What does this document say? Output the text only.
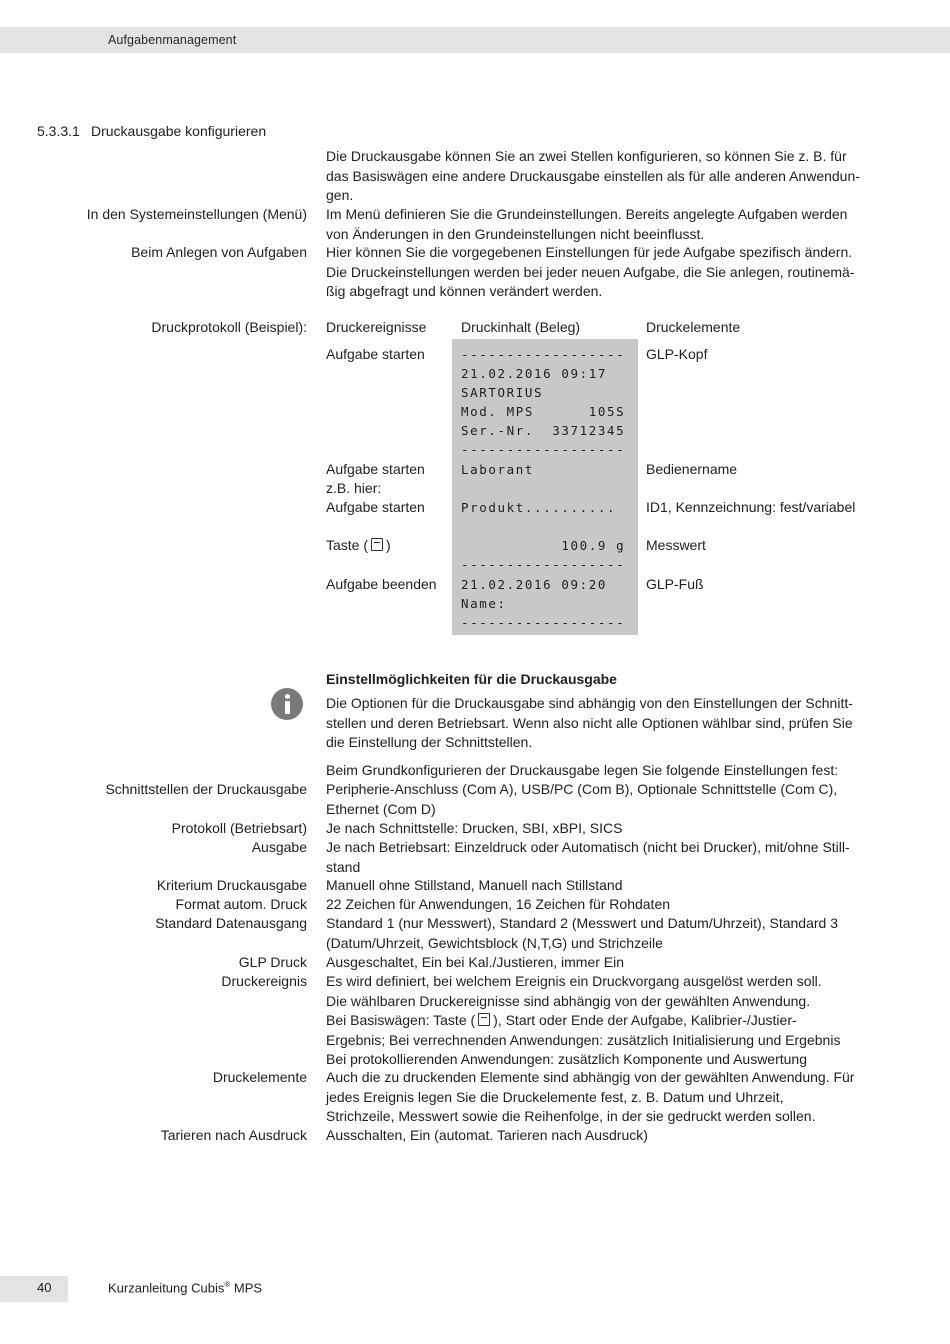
Aufgabenmanagement
5.3.3.1 Druckausgabe konfigurieren
Die Druckausgabe können Sie an zwei Stellen konfigurieren, so können Sie z. B. für
das Basiswägen eine andere Druckausgabe einstellen als für alle anderen Anwendun-
gen.
In den Systemeinstellungen (Menü) Im Menü definieren Sie die Grundeinstellungen. Bereits angelegte Aufgaben werden
von Änderungen in den Grundeinstellungen nicht beeinflusst.
Beim Anlegen von Aufgaben Hier können Sie die vorgegebenen Einstellungen für jede Aufgabe spezifisch ändern.
Die Druckeinstellungen werden bei jeder neuen Aufgabe, die Sie anlegen, routinemä-
ßig abgefragt und können verändert werden.
Druckprotokoll (Beispiel): Druckereignisse Druckinhalt (Beleg)	Druckelemente
Aufgabe starten
Aufgabe starten
z.B. hier:
Aufgabe starten
Taste ( )
Aufgabe beenden
------------------
21.02.2016 09:17
SARTORIUS
Mod. MPS      105S
Ser.-Nr.  33712345
------------------
Laborant
Produkt..........
100.9 g
------------------
21.02.2016 09:20
Name:
------------------
GLP-Kopf
Bedienername
ID1, Kennzeichnung: fest/variabel
Messwert
GLP-Fuß
Einstellmöglichkeiten für die Druckausgabe
Die Optionen für die Druckausgabe sind abhängig von den Einstellungen der Schnitt-
stellen und deren Betriebsart. Wenn also nicht alle Optionen wählbar sind, prüfen Sie
die Einstellung der Schnittstellen.
Beim Grundkonfigurieren der Druckausgabe legen Sie folgende Einstellungen fest:
Schnittstellen der Druckausgabe Peripherie-Anschluss (Com A), USB/PC (Com B), Optionale Schnittstelle (Com C),
Ethernet (Com D)
Protokoll (Betriebsart) Je nach Schnittstelle: Drucken, SBI, xBPI, SICS
Ausgabe Je nach Betriebsart: Einzeldruck oder Automatisch (nicht bei Drucker), mit/ohne Still-
stand
Kriterium Druckausgabe Manuell ohne Stillstand, Manuell nach Stillstand
Format autom. Druck 22 Zeichen für Anwendungen, 16 Zeichen für Rohdaten
Standard Datenausgang Standard 1 (nur Messwert), Standard 2 (Messwert und Datum/Uhrzeit), Standard 3
(Datum/Uhrzeit, Gewichtsblock (N,T,G) und Strichzeile
GLP Druck Ausgeschaltet, Ein bei Kal./Justieren, immer Ein
Druckereignis Es wird definiert, bei welchem Ereignis ein Druckvorgang ausgelöst werden soll.
Die wählbaren Druckereignisse sind abhängig von der gewählten Anwendung.
Bei Basiswägen: Taste ( ), Start oder Ende der Aufgabe, Kalibrier-/Justier-
Ergebnis; Bei verrechnenden Anwendungen: zusätzlich Initialisierung und Ergebnis
Bei protokollierenden Anwendungen: zusätzlich Komponente und Auswertung
Druckelemente Auch die zu druckenden Elemente sind abhängig von der gewählten Anwendung. Für
jedes Ereignis legen Sie die Druckelemente fest, z. B. Datum und Uhrzeit,
Strichzeile, Messwert sowie die Reihenfolge, in der sie gedruckt werden sollen.
Tarieren nach Ausdruck Ausschalten, Ein (automat. Tarieren nach Ausdruck)
40	Kurzanleitung Cubis® MPS
